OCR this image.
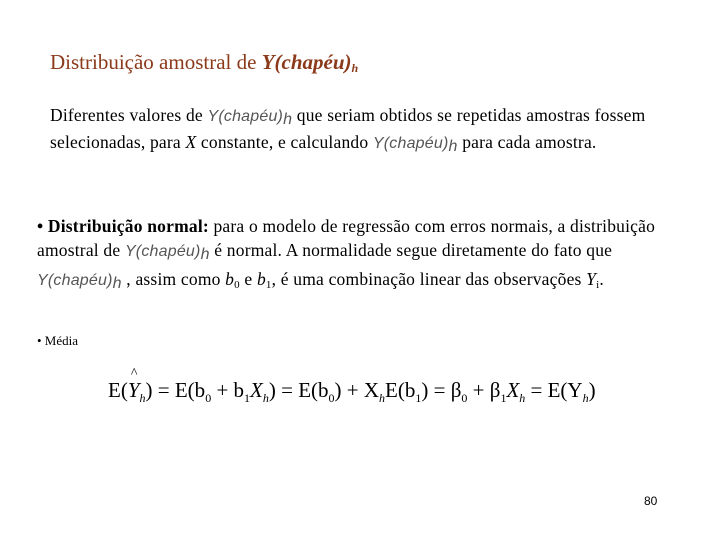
Distribuição amostral de $Y(chapéu)_h$
Diferentes valores de $Y(chapéu)_h$ que seriam obtidos se repetidas amostras fossem selecionadas, para X constante, e calculando $Y(chapéu)_h$ para cada amostra.
• Distribuição normal: para o modelo de regressão com erros normais, a distribuição amostral de $Y(chapéu)_h$ é normal. A normalidade segue diretamente do fato que $Y(chapéu)_h$ , assim como $b_0$ e $b_1$, é uma combinação linear das observações $Y_i$.
• Média
E(^ $Y_h) = E(b_0 + b_1X_h) = E(b_0) + X_hE(b_1) = \beta_0 + \beta_1X_h = E(Y_h)$
80
